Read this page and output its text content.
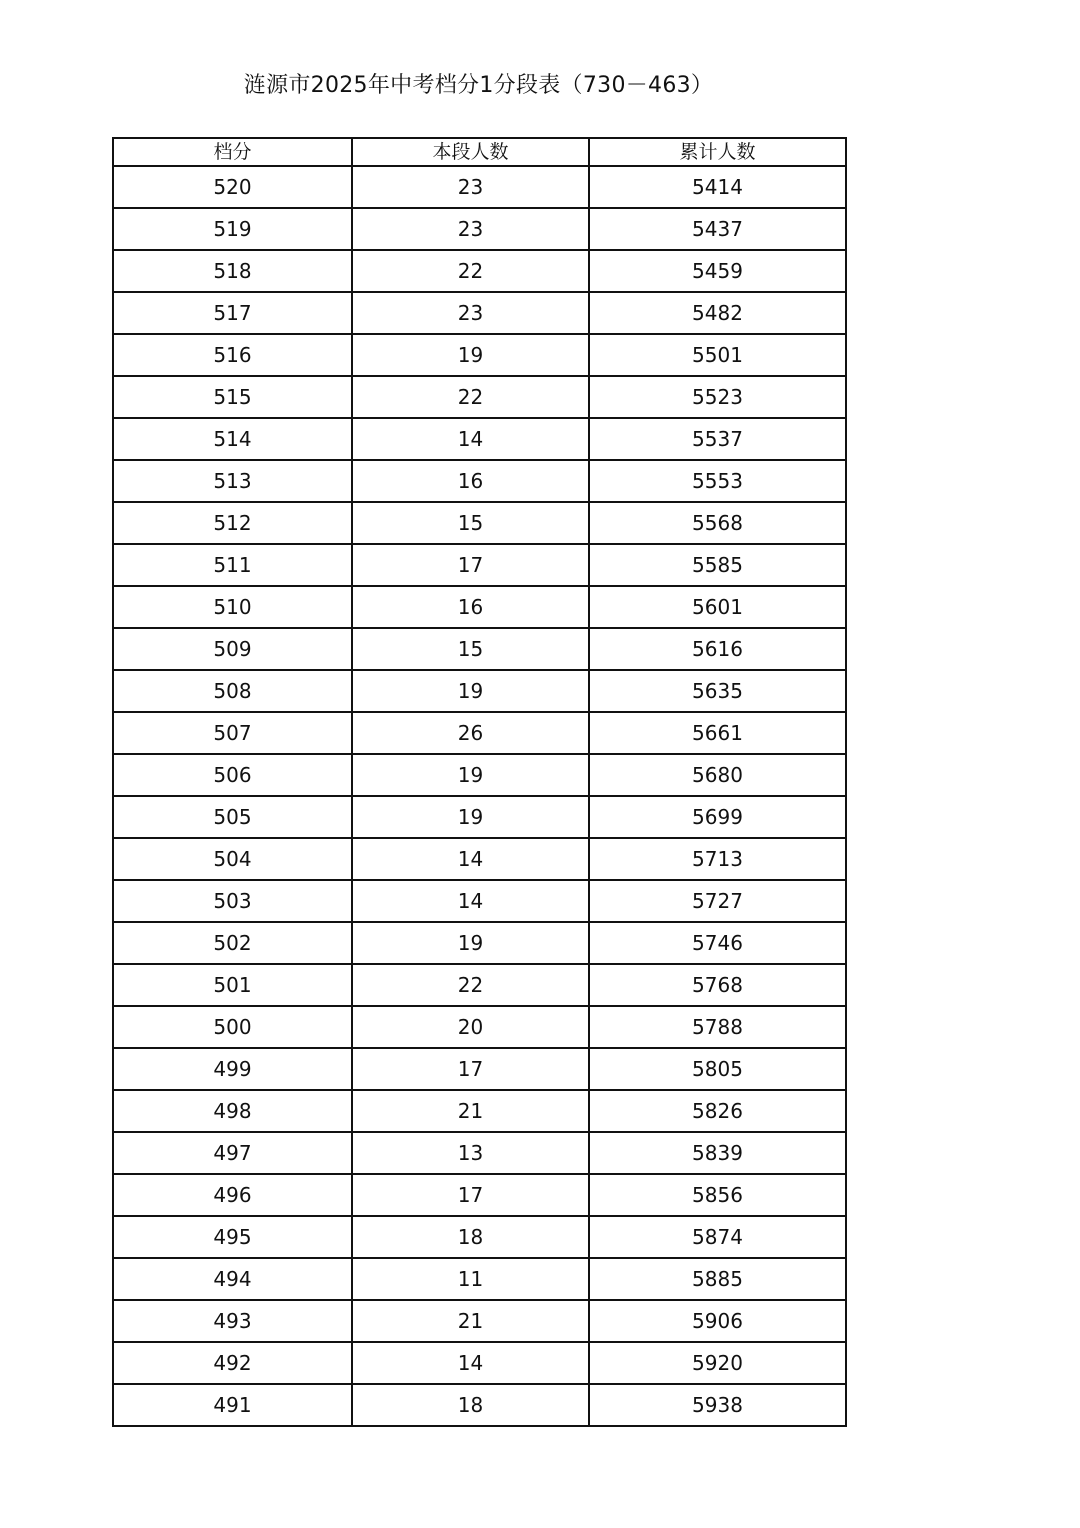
涟源市2025年中考档分1分段表（730－463）
档分	本段人数	累计人数
520	23	5414
519	23	5437
518	22	5459
517	23	5482
516	19	5501
515	22	5523
514	14	5537
513	16	5553
512	15	5568
511	17	5585
510	16	5601
509	15	5616
508	19	5635
507	26	5661
506	19	5680
505	19	5699
504	14	5713
503	14	5727
502	19	5746
501	22	5768
500	20	5788
499	17	5805
498	21	5826
497	13	5839
496	17	5856
495	18	5874
494	11	5885
493	21	5906
492	14	5920
491	18	5938
